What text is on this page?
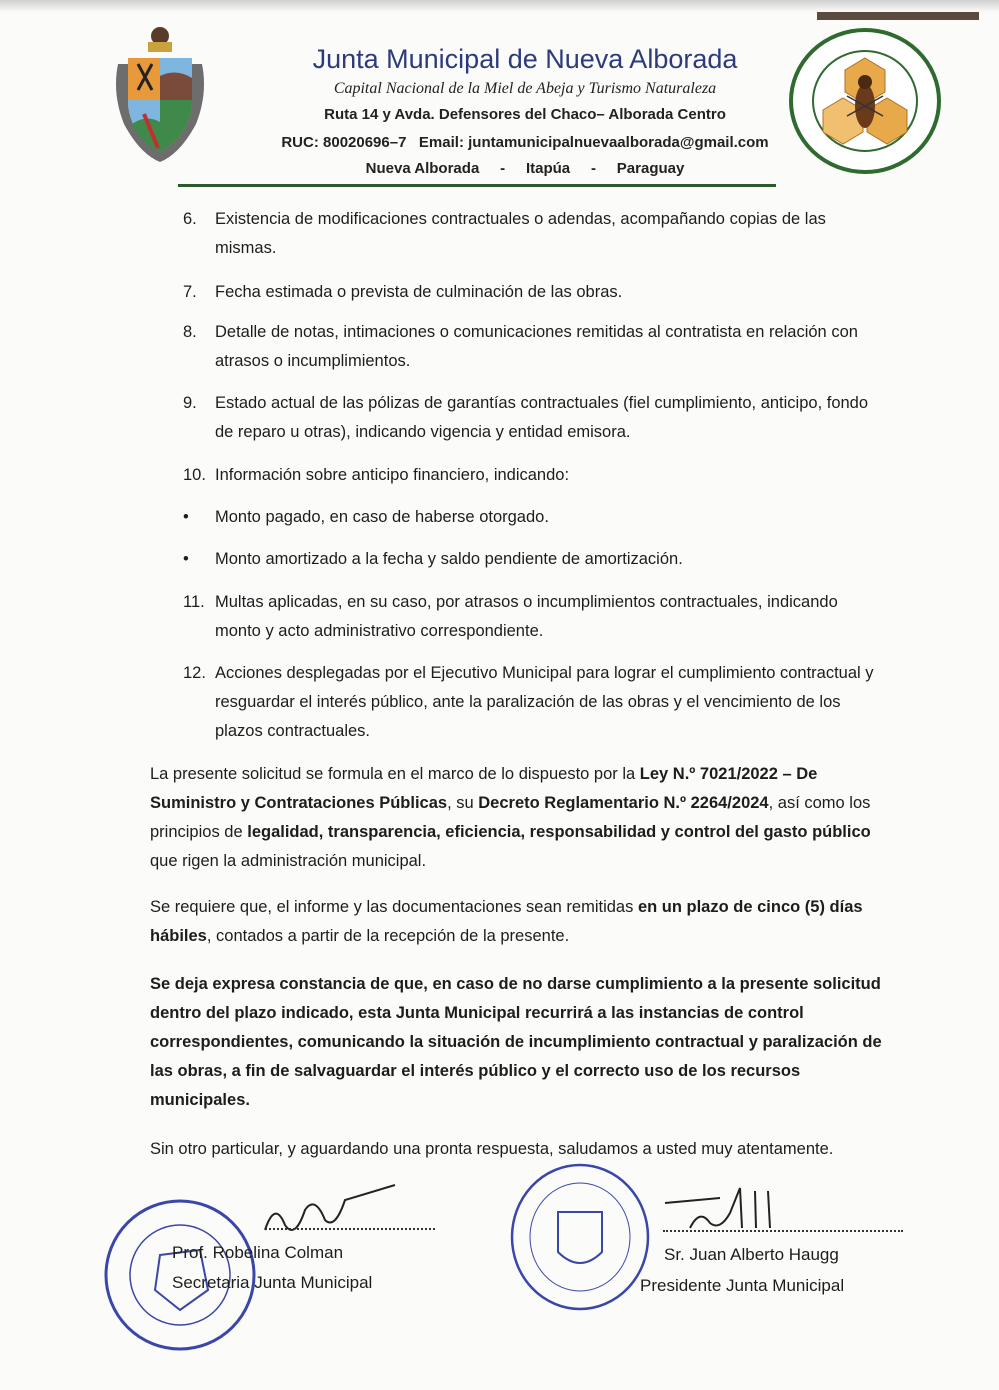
Junta Municipal de Nueva Alborada
Capital Nacional de la Miel de Abeja y Turismo Naturaleza
Ruta 14 y Avda. Defensores del Chaco– Alborada Centro
RUC: 80020696–7   Email: juntamunicipalnuevaalborada@gmail.com
Nueva Alborada     -     Itapúa     -     Paraguay
6.	Existencia de modificaciones contractuales o adendas, acompañando copias de las mismas.
7.	Fecha estimada o prevista de culminación de las obras.
8.	Detalle de notas, intimaciones o comunicaciones remitidas al contratista en relación con atrasos o incumplimientos.
9.	Estado actual de las pólizas de garantías contractuales (fiel cumplimiento, anticipo, fondo de reparo u otras), indicando vigencia y entidad emisora.
10. Información sobre anticipo financiero, indicando:
•	Monto pagado, en caso de haberse otorgado.
•	Monto amortizado a la fecha y saldo pendiente de amortización.
11. Multas aplicadas, en su caso, por atrasos o incumplimientos contractuales, indicando monto y acto administrativo correspondiente.
12. Acciones desplegadas por el Ejecutivo Municipal para lograr el cumplimiento contractual y resguardar el interés público, ante la paralización de las obras y el vencimiento de los plazos contractuales.
La presente solicitud se formula en el marco de lo dispuesto por la Ley N.º 7021/2022 – De Suministro y Contrataciones Públicas, su Decreto Reglamentario N.º 2264/2024, así como los principios de legalidad, transparencia, eficiencia, responsabilidad y control del gasto público que rigen la administración municipal.
Se requiere que, el informe y las documentaciones sean remitidas en un plazo de cinco (5) días hábiles, contados a partir de la recepción de la presente.
Se deja expresa constancia de que, en caso de no darse cumplimiento a la presente solicitud dentro del plazo indicado, esta Junta Municipal recurrirá a las instancias de control correspondientes, comunicando la situación de incumplimiento contractual y paralización de las obras, a fin de salvaguardar el interés público y el correcto uso de los recursos municipales.
Sin otro particular, y aguardando una pronta respuesta, saludamos a usted muy atentamente.
Prof. Robelina Colman
Secretaria Junta Municipal
Sr. Juan Alberto Haugg
Presidente Junta Municipal
